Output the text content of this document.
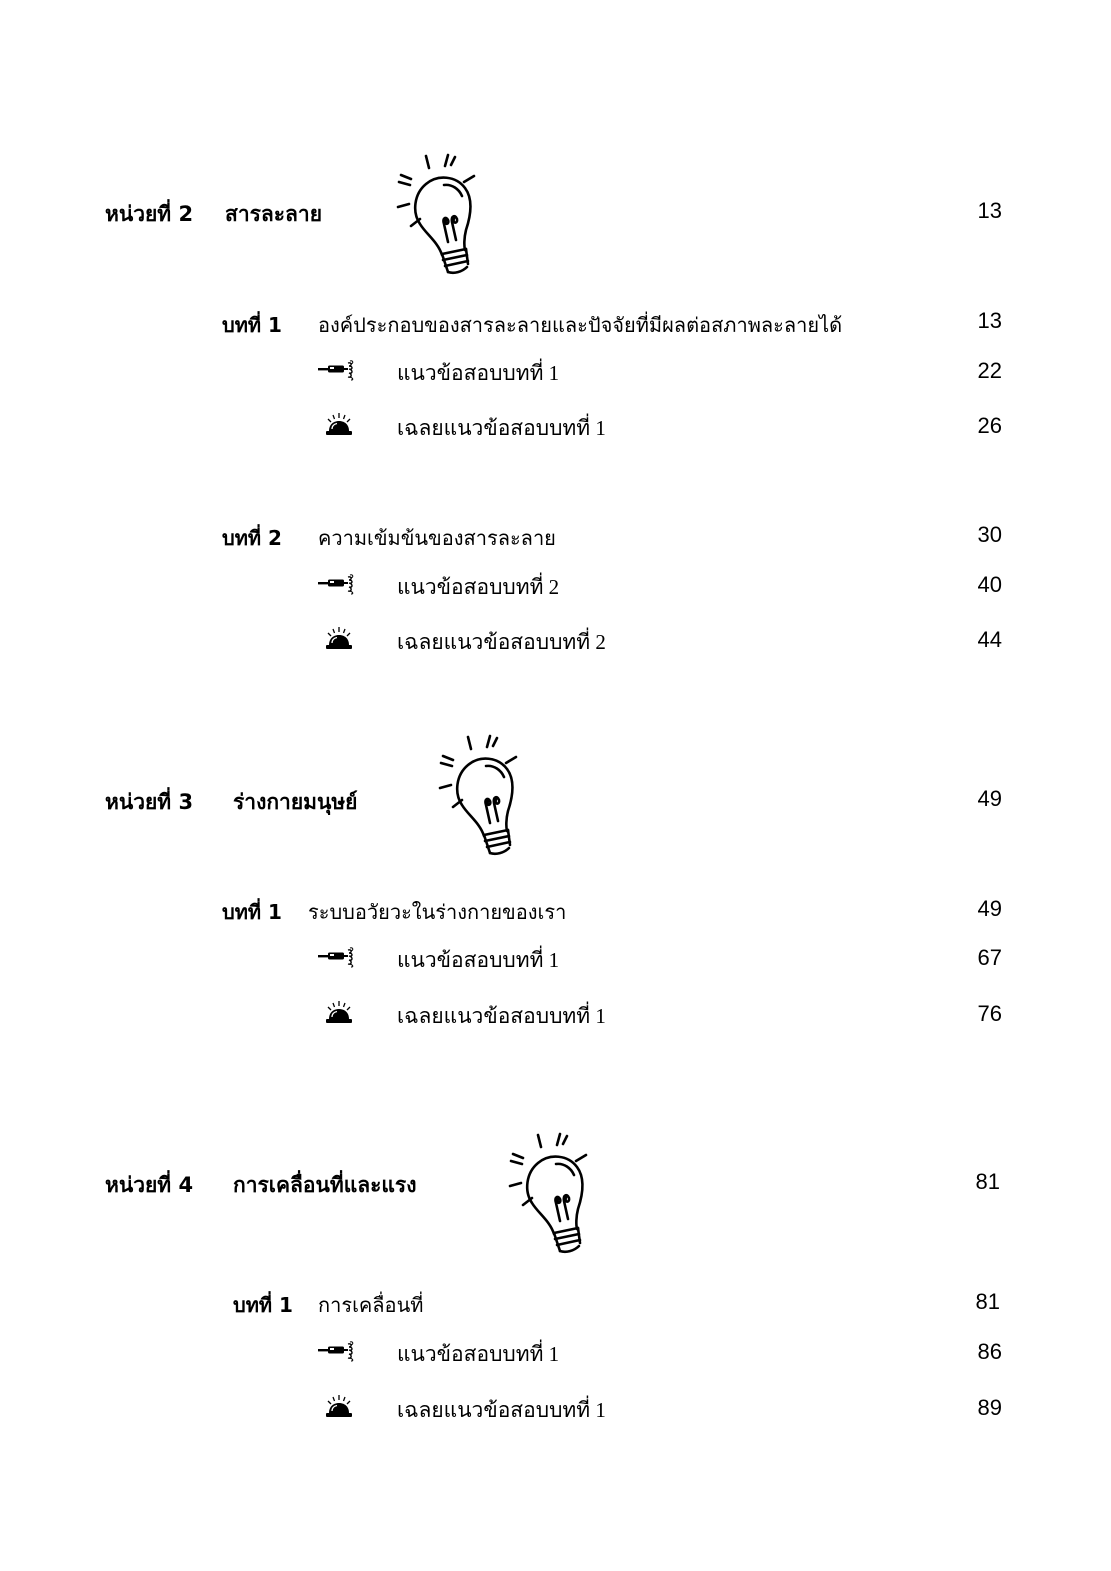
หน่วยที่ 2 สารละลาย	13
บทที่ 1 องค์ประกอบของสารละลายและปัจจัยที่มีผลต่อสภาพละลายได้	13
แนวข้อสอบบทที่ 1	22
เฉลยแนวข้อสอบบทที่ 1	26
บทที่ 2 ความเข้มข้นของสารละลาย	30
แนวข้อสอบบทที่ 2	40
เฉลยแนวข้อสอบบทที่ 2	44
หน่วยที่ 3 ร่างกายมนุษย์	49
บทที่ 1 ระบบอวัยวะในร่างกายของเรา	49
แนวข้อสอบบทที่ 1	67
เฉลยแนวข้อสอบบทที่ 1	76
หน่วยที่ 4 การเคลื่อนที่และแรง	81
บทที่ 1 การเคลื่อนที่	81
แนวข้อสอบบทที่ 1	86
เฉลยแนวข้อสอบบทที่ 1	89
